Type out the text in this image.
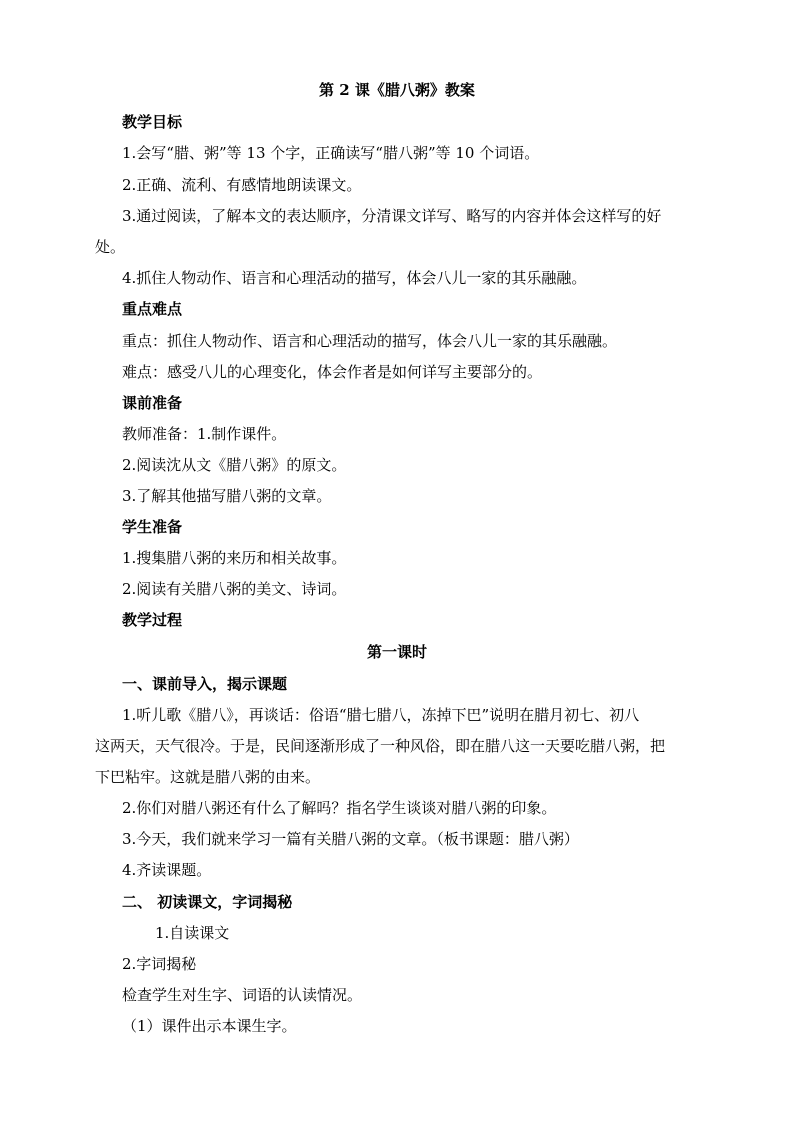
第 2 课《腊八粥》教案
教学目标
1.会写“腊、粥”等 13 个字，正确读写“腊八粥”等 10 个词语。
2.正确、流利、有感情地朗读课文。
3.通过阅读，了解本文的表达顺序，分清课文详写、略写的内容并体会这样写的好
处。
4.抓住人物动作、语言和心理活动的描写，体会八儿一家的其乐融融。
重点难点
重点：抓住人物动作、语言和心理活动的描写，体会八儿一家的其乐融融。
难点：感受八儿的心理变化，体会作者是如何详写主要部分的。
课前准备
教师准备：1.制作课件。
2.阅读沈从文《腊八粥》的原文。
3.了解其他描写腊八粥的文章。
学生准备
1.搜集腊八粥的来历和相关故事。
2.阅读有关腊八粥的美文、诗词。
教学过程
第一课时
一、课前导入，揭示课题
1.听儿歌《腊八》，再谈话：俗语“腊七腊八，冻掉下巴”说明在腊月初七、初八
这两天，天气很冷。于是，民间逐渐形成了一种风俗，即在腊八这一天要吃腊八粥，把
下巴粘牢。这就是腊八粥的由来。
2.你们对腊八粥还有什么了解吗？指名学生谈谈对腊八粥的印象。
3.今天，我们就来学习一篇有关腊八粥的文章。（板书课题：腊八粥）
4.齐读课题。
二、 初读课文，字词揭秘
1.自读课文
2.字词揭秘
检查学生对生字、词语的认读情况。
（1）课件出示本课生字。
